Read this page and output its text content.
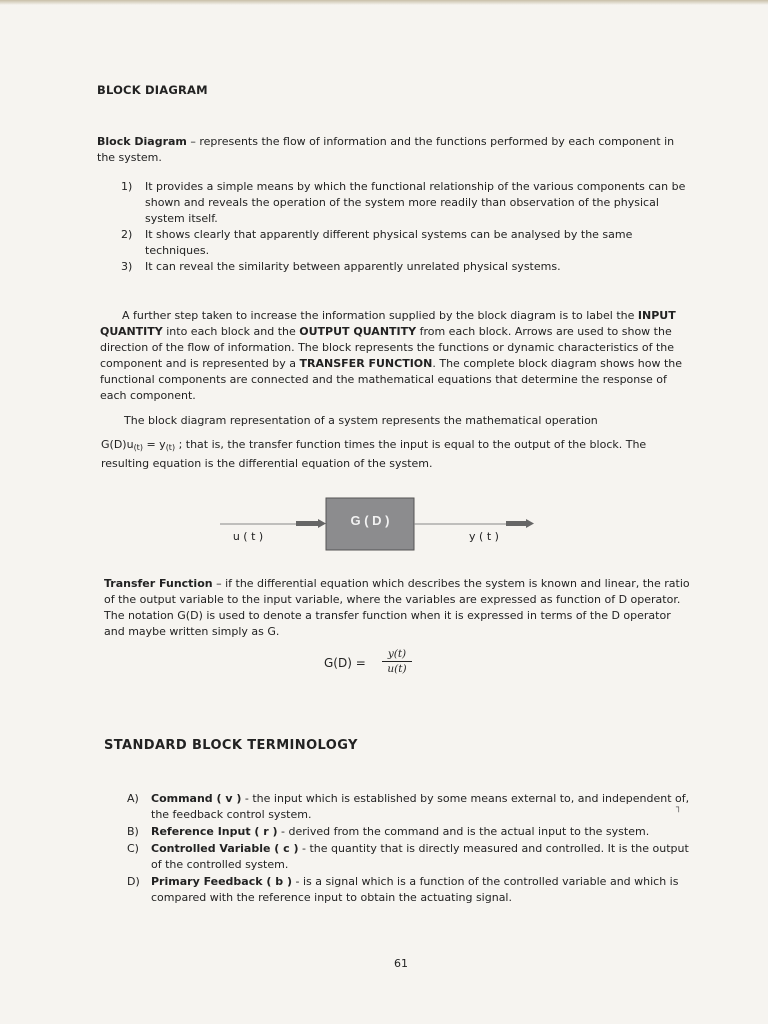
BLOCK DIAGRAM

Block Diagram – represents the flow of information and the functions performed by each component in the system.

1) It provides a simple means by which the functional relationship of the various components can be shown and reveals the operation of the system more readily than observation of the physical system itself.
2) It shows clearly that apparently different physical systems can be analysed by the same techniques.
3) It can reveal the similarity between apparently unrelated physical systems.

A further step taken to increase the information supplied by the block diagram is to label the INPUT QUANTITY into each block and the OUTPUT QUANTITY from each block. Arrows are used to show the direction of the flow of information. The block represents the functions or dynamic characteristics of the component and is represented by a TRANSFER FUNCTION. The complete block diagram shows how the functional components are connected and the mathematical equations that determine the response of each component.

The block diagram representation of a system represents the mathematical operation

$G(D)u_{(t)} = y_{(t)}$ ; that is, the transfer function times the input is equal to the output of the block. The resulting equation is the differential equation of the system.

G ( D )
u ( t )	y ( t )

Transfer Function – if the differential equation which describes the system is known and linear, the ratio of the output variable to the input variable, where the variables are expressed as function of D operator. The notation G(D) is used to denote a transfer function when it is expressed in terms of the D operator and maybe written simply as G.

$G(D) = \frac{y(t)}{u(t)}$
STANDARD BLOCK TERMINOLOGY
A) Command ( v ) - the input which is established by some means external to, and independent of, the feedback control system.
B) Reference Input ( r ) - derived from the command and is the actual input to the system.
C) Controlled Variable ( c ) - the quantity that is directly measured and controlled. It is the output of the controlled system.
D) Primary Feedback ( b ) - is a signal which is a function of the controlled variable and which is compared with the reference input to obtain the actuating signal.
┐
61
